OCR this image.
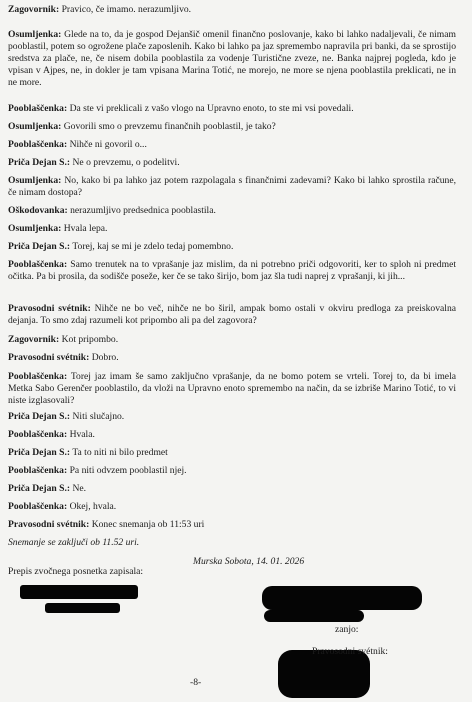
Zagovornik: Pravico, če imamo. nerazumljivo.
Osumljenka: Glede na to, da je gospod Dejanšič omenil finančno poslovanje, kako bi lahko nadaljevali, če nimam pooblastil, potem so ogrožene plače zaposlenih. Kako bi lahko pa jaz spremembo napravila pri banki, da se sprostijo sredstva za plače, ne, če nisem dobila pooblastila za vodenje Turistične zveze, ne. Banka najprej pogleda, kdo je vpisan v Ajpes, ne, in dokler je tam vpisana Marina Totić, ne morejo, ne more se njena pooblastila preklicati, ne in ne more.
Pooblaščenka: Da ste vi preklicali z vašo vlogo na Upravno enoto, to ste mi vsi povedali.
Osumljenka: Govorili smo o prevzemu finančnih pooblastil, je tako?
Pooblaščenka: Nihče ni govoril o...
Priča Dejan S.: Ne o prevzemu, o podelitvi.
Osumljenka: No, kako bi pa lahko jaz potem razpolagala s finančnimi zadevami? Kako bi lahko sprostila račune, če nimam dostopa?
Oškodovanka: nerazumljivo predsednica pooblastila.
Osumljenka: Hvala lepa.
Priča Dejan S.: Torej, kaj se mi je zdelo tedaj pomembno.
Pooblaščenka: Samo trenutek na to vprašanje jaz mislim, da ni potrebno priči odgovoriti, ker to sploh ni predmet očitka. Pa bi prosila, da sodišče poseže, ker če se tako širijo, bom jaz šla tudi naprej z vprašanji, ki jih...
Pravosodni svétnik: Nihče ne bo več, nihče ne bo širil, ampak bomo ostali v okviru predloga za preiskovalna dejanja. To smo zdaj razumeli kot pripombo ali pa del zagovora?
Zagovornik: Kot pripombo.
Pravosodni svétnik: Dobro.
Pooblaščenka: Torej jaz imam še samo zaključno vprašanje, da ne bomo potem se vrteli. Torej to, da bi imela Metka Sabo Gerenčer pooblastilo, da vloži na Upravno enoto spremembo na način, da se izbriše Marino Totić, to vi niste izglasovali?
Priča Dejan S.: Niti slučajno.
Pooblaščenka: Hvala.
Priča Dejan S.: Ta to niti ni bilo predmet
Pooblaščenka: Pa niti odvzem pooblastil njej.
Priča Dejan S.: Ne.
Pooblaščenka: Okej, hvala.
Pravosodni svétnik: Konec snemanja ob 11:53 uri
Snemanje se zaključi ob 11.52 uri.
Murska Sobota, 14. 01. 2026
Prepis zvočnega posnetka zapisala:
zanjo:
Pravosodni svétnik:
-8-
